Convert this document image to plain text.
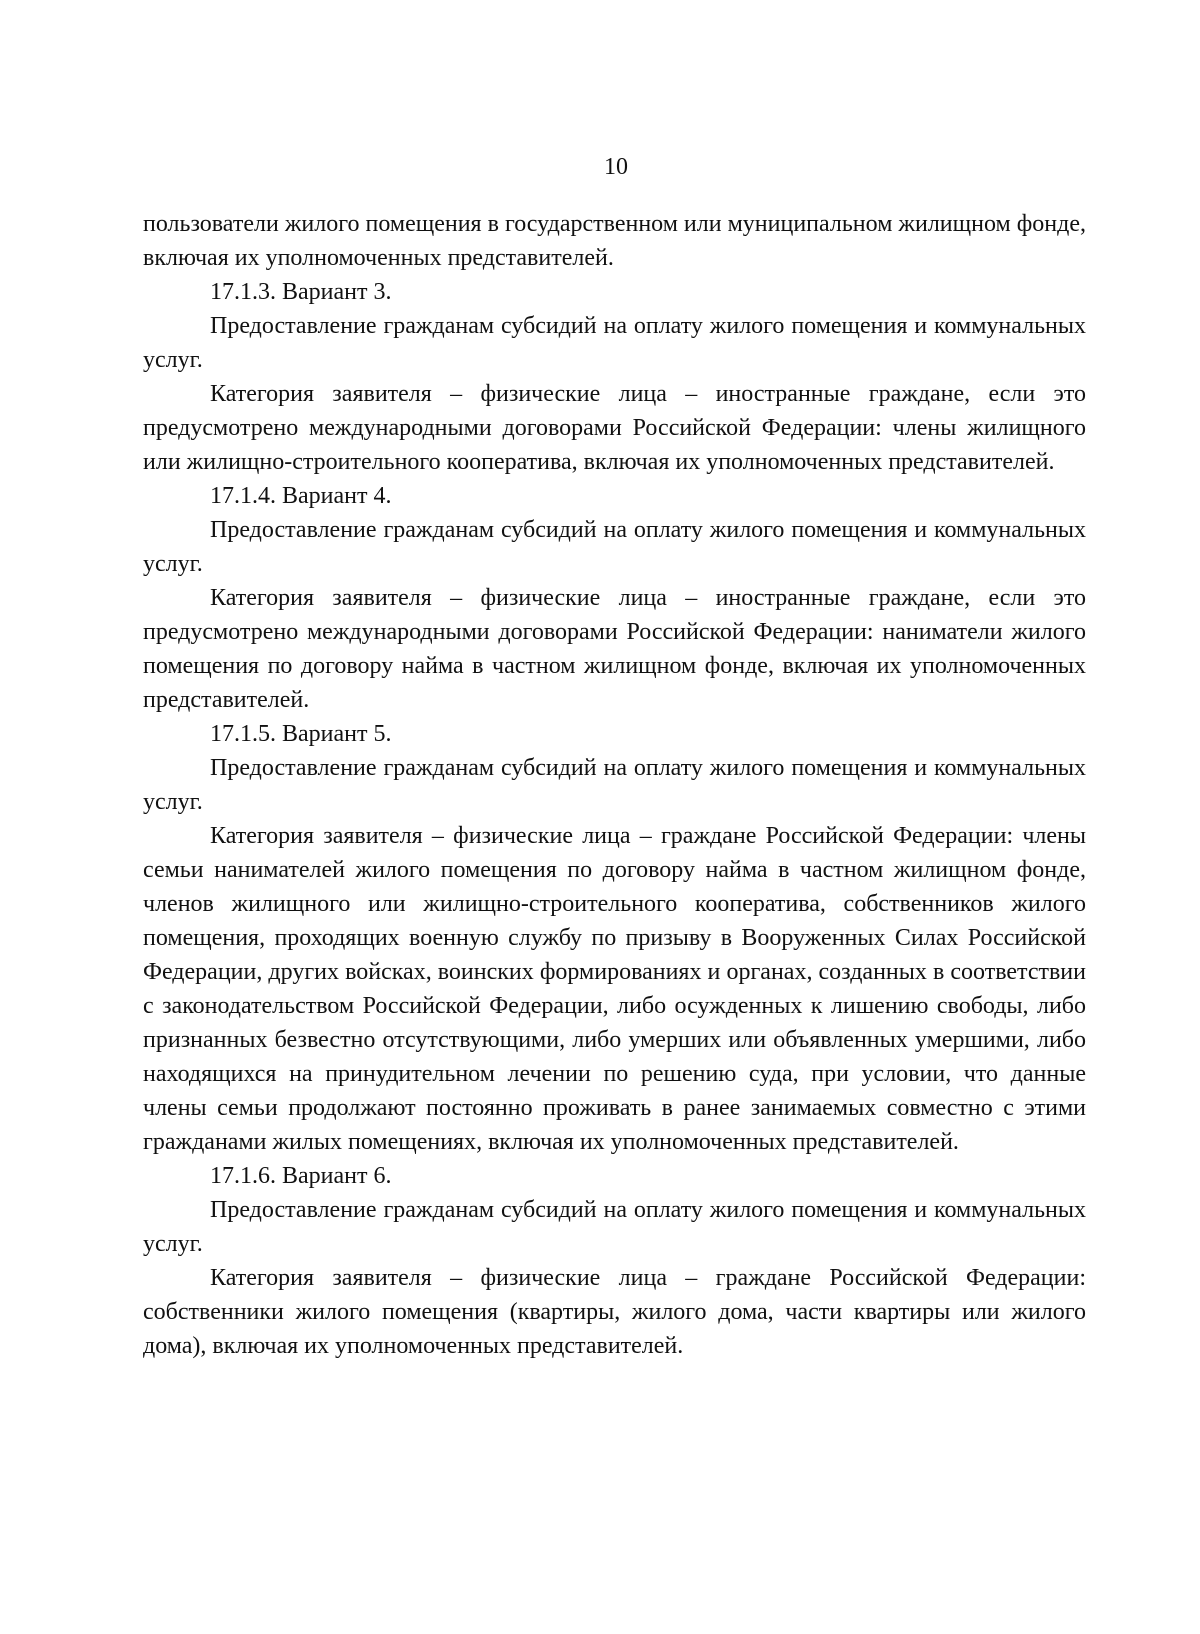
10

пользователи жилого помещения в государственном или муниципальном жилищном фонде, включая их уполномоченных представителей.

17.1.3. Вариант 3.

Предоставление гражданам субсидий на оплату жилого помещения и коммунальных услуг.

Категория заявителя – физические лица – иностранные граждане, если это предусмотрено международными договорами Российской Федерации: члены жилищного или жилищно-строительного кооператива, включая их уполномоченных представителей.

17.1.4. Вариант 4.

Предоставление гражданам субсидий на оплату жилого помещения и коммунальных услуг.

Категория заявителя – физические лица – иностранные граждане, если это предусмотрено международными договорами Российской Федерации: наниматели жилого помещения по договору найма в частном жилищном фонде, включая их уполномоченных представителей.

17.1.5. Вариант 5.

Предоставление гражданам субсидий на оплату жилого помещения и коммунальных услуг.

Категория заявителя – физические лица – граждане Российской Федерации: члены семьи нанимателей жилого помещения по договору найма в частном жилищном фонде, членов жилищного или жилищно-строительного кооператива, собственников жилого помещения, проходящих военную службу по призыву в Вооруженных Силах Российской Федерации, других войсках, воинских формированиях и органах, созданных в соответствии с законодательством Российской Федерации, либо осужденных к лишению свободы, либо признанных безвестно отсутствующими, либо умерших или объявленных умершими, либо находящихся на принудительном лечении по решению суда, при условии, что данные члены семьи продолжают постоянно проживать в ранее занимаемых совместно с этими гражданами жилых помещениях, включая их уполномоченных представителей.

17.1.6. Вариант 6.

Предоставление гражданам субсидий на оплату жилого помещения и коммунальных услуг.

Категория заявителя – физические лица – граждане Российской Федерации: собственники жилого помещения (квартиры, жилого дома, части квартиры или жилого дома), включая их уполномоченных представителей.
